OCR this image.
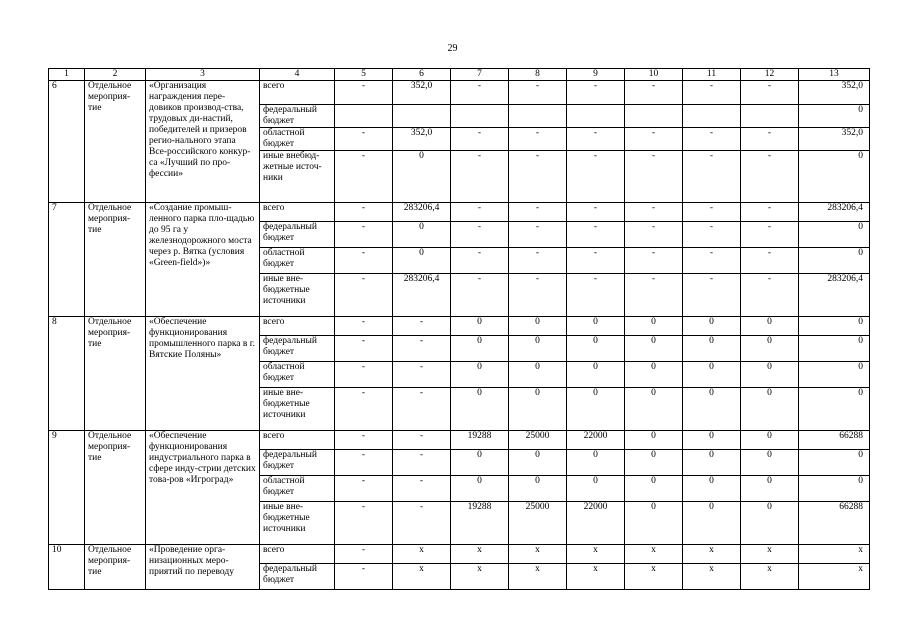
29
1	2	3	4	5	6	7	8	9	10	11	12	13
6	Отдельное мероприя-тие	«Организация награждения пере-довиков производ-ства, трудовых ди-настий, победителей и призеров регио-нального этапа Все-российского конкур-са «Лучший по про-фессии»	всего	-	352,0	-	-	-	-	-	-	352,0
			федеральный бюджет									0
			областной бюджет	-	352,0	-	-	-	-	-	-	352,0
			иные внебюд-жетные источ-ники	-	0	-	-	-	-	-	-	0
7	Отдельное мероприя-тие	«Создание промыш-ленного парка пло-щадью до 95 га у железнодорожного моста через р. Вятка (условия «Green-field»)»	всего	-	283206,4	-	-	-	-	-	-	283206,4
			федеральный бюджет	-	0	-	-	-	-	-	-	0
			областной бюджет	-	0	-	-	-	-	-	-	0
			иные вне-бюджетные источники	-	283206,4	-	-	-	-	-	-	283206,4
8	Отдельное мероприя-тие	«Обеспечение функционирования промышленного парка в г. Вятские Поляны»	всего	-	-	0	0	0	0	0	0	0
			федеральный бюджет	-	-	0	0	0	0	0	0	0
			областной бюджет	-	-	0	0	0	0	0	0	0
			иные вне-бюджетные источники	-	-	0	0	0	0	0	0	0
9	Отдельное мероприя-тие	«Обеспечение функционирования индустриального парка в сфере инду-стрии детских това-ров «Игроград»	всего	-	-	19288	25000	22000	0	0	0	66288
			федеральный бюджет	-	-	0	0	0	0	0	0	0
			областной бюджет	-	-	0	0	0	0	0	0	0
			иные вне-бюджетные источники	-	-	19288	25000	22000	0	0	0	66288
10	Отдельное мероприя-тие	«Проведение орга-низационных меро-приятий по переводу	всего	-	x	x	x	x	x	x	x	x
			федеральный бюджет	-	x	x	x	x	x	x	x	x
